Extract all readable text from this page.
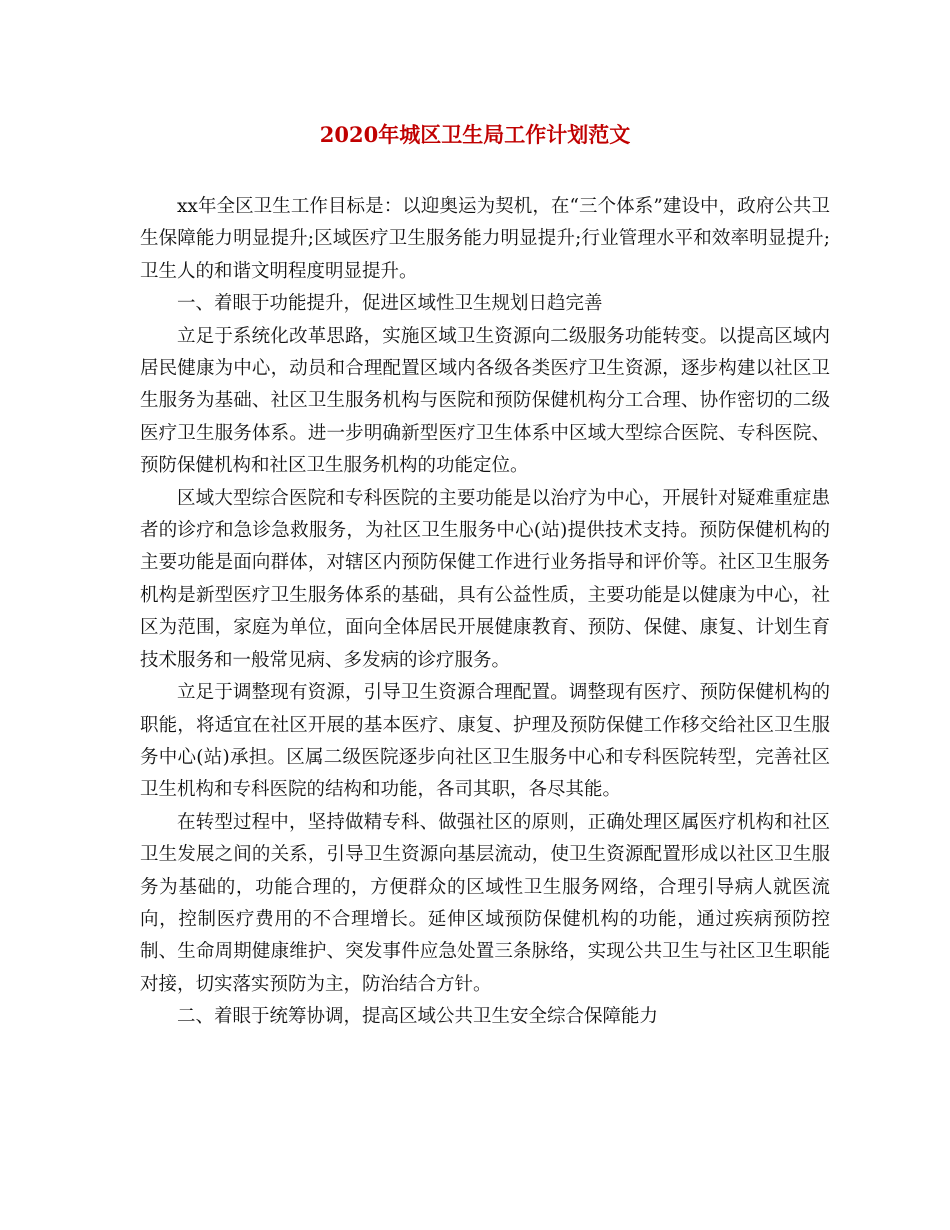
2020年城区卫生局工作计划范文

xx年全区卫生工作目标是：以迎奥运为契机，在“三个体系”建设中，政府公共卫生保障能力明显提升;区域医疗卫生服务能力明显提升;行业管理水平和效率明显提升;卫生人的和谐文明程度明显提升。

一、着眼于功能提升，促进区域性卫生规划日趋完善

立足于系统化改革思路，实施区域卫生资源向二级服务功能转变。以提高区域内居民健康为中心，动员和合理配置区域内各级各类医疗卫生资源，逐步构建以社区卫生服务为基础、社区卫生服务机构与医院和预防保健机构分工合理、协作密切的二级医疗卫生服务体系。进一步明确新型医疗卫生体系中区域大型综合医院、专科医院、预防保健机构和社区卫生服务机构的功能定位。

区域大型综合医院和专科医院的主要功能是以治疗为中心，开展针对疑难重症患者的诊疗和急诊急救服务，为社区卫生服务中心(站)提供技术支持。预防保健机构的主要功能是面向群体，对辖区内预防保健工作进行业务指导和评价等。社区卫生服务机构是新型医疗卫生服务体系的基础，具有公益性质，主要功能是以健康为中心，社区为范围，家庭为单位，面向全体居民开展健康教育、预防、保健、康复、计划生育技术服务和一般常见病、多发病的诊疗服务。

立足于调整现有资源，引导卫生资源合理配置。调整现有医疗、预防保健机构的职能，将适宜在社区开展的基本医疗、康复、护理及预防保健工作移交给社区卫生服务中心(站)承担。区属二级医院逐步向社区卫生服务中心和专科医院转型，完善社区卫生机构和专科医院的结构和功能，各司其职，各尽其能。

在转型过程中，坚持做精专科、做强社区的原则，正确处理区属医疗机构和社区卫生发展之间的关系，引导卫生资源向基层流动，使卫生资源配置形成以社区卫生服务为基础的，功能合理的，方便群众的区域性卫生服务网络，合理引导病人就医流向，控制医疗费用的不合理增长。延伸区域预防保健机构的功能，通过疾病预防控制、生命周期健康维护、突发事件应急处置三条脉络，实现公共卫生与社区卫生职能对接，切实落实预防为主，防治结合方针。

二、着眼于统筹协调，提高区域公共卫生安全综合保障能力
